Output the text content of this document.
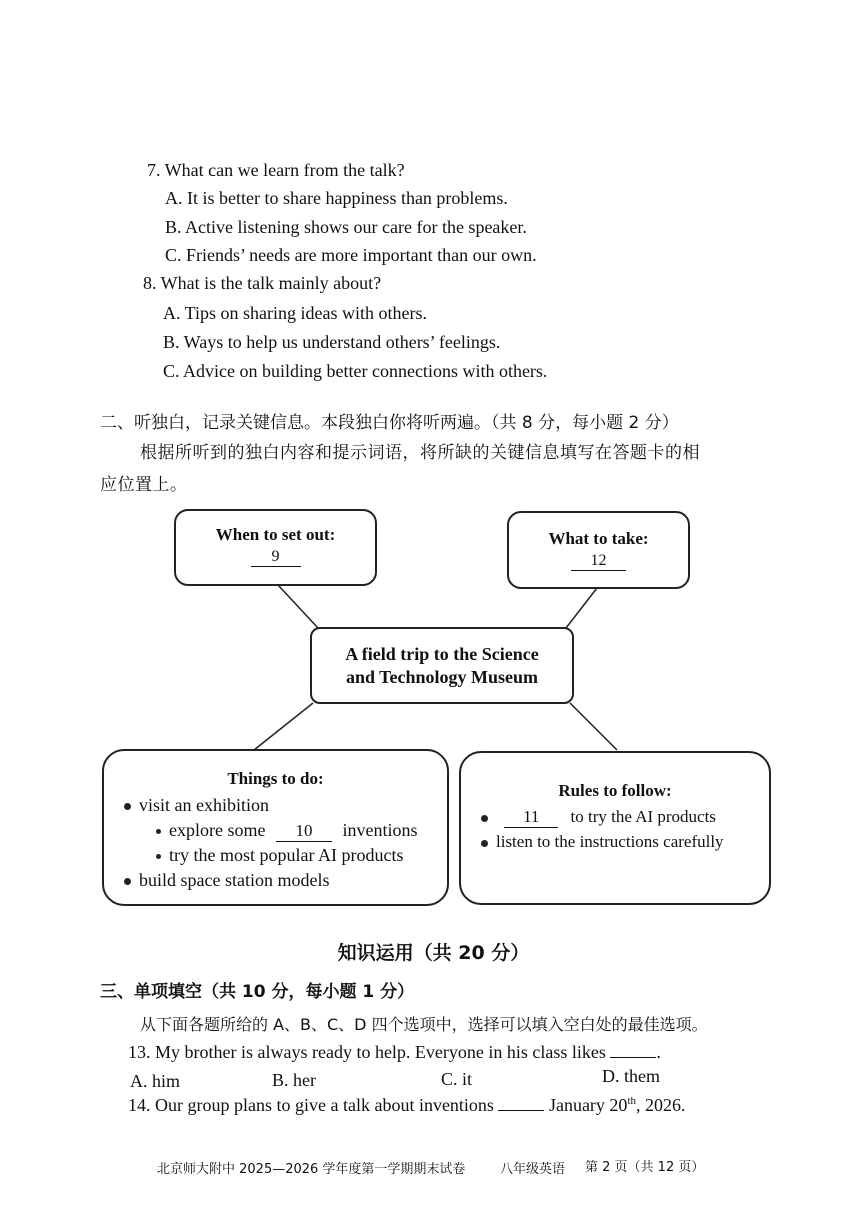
7. What can we learn from the talk?
A. It is better to share happiness than problems.
B. Active listening shows our care for the speaker.
C. Friends’ needs are more important than our own.
8. What is the talk mainly about?
A. Tips on sharing ideas with others.
B. Ways to help us understand others’ feelings.
C. Advice on building better connections with others.
二、听独白，记录关键信息。本段独白你将听两遍。（共 8 分，每小题 2 分）
根据所听到的独白内容和提示词语，将所缺的关键信息填写在答题卡的相
应位置上。
When to set out:
9
What to take:
12
A field trip to the Science
and Technology Museum
Things to do:
visit an exhibition
explore some 10 inventions
try the most popular AI products
build space station models
Rules to follow:
11 to try the AI products
listen to the instructions carefully
知识运用（共 20 分）
三、单项填空（共 10 分，每小题 1 分）
从下面各题所给的 A、B、C、D 四个选项中，选择可以填入空白处的最佳选项。
13. My brother is always ready to help. Everyone in his class likes	.
A. him	B. her	C. it	D. them
14. Our group plans to give a talk about inventions	January 20th, 2026.
北京师大附中 2025—2026 学年度第一学期期末试卷	八年级英语 第 2 页（共 12 页）
